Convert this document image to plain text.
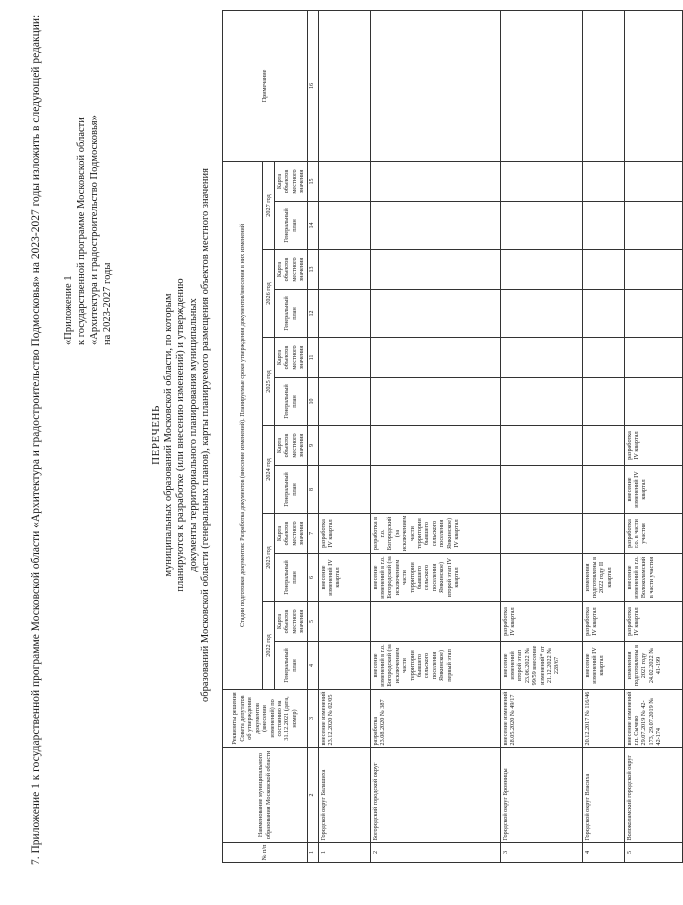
7. Приложение 1 к государственной программе Московской области «Архитектура и градостроительство Подмосковья» на 2023-2027 годы изложить в следующей редакции: «Приложение 1 к государственной программе Московской области «Архитектура и градостроительство Подмосковья» на 2023-2027 годы
ПЕРЕЧЕНЬ муниципальных образований Московской области, по которым планируются к разработке (или внесению изменений) и утверждению документы территориального планирования муниципальных образований Московской области (генеральных планов), карты планируемого размещения объектов местного значения
№ п/п	Наименование муниципального образования Московской области	Реквизиты решения Совета депутатов об утверждении документов (внесении изменений) по состоянию на 31.12.2021 (дата, номер)	Стадии подготовки документов: Разработка документов (внесение изменений). Планируемые сроки утверждения документов/внесения в них изменений												Примечание
			2022 год		2023 год		2024 год		2025 год		2026 год		2027 год		
			Генеральный план	Карта объектов местного значения	Генеральный план	Карта объектов местного значения	Генеральный план	Карта объектов местного значения	Генеральный план	Карта объектов местного значения	Генеральный план	Карта объектов местного значения	Генеральный план	Карта объектов местного значения	
1	2	3	4	5	6	7	8	9	10	11	12	13	14	15	16
1	Городской округ Балашиха	внесение изменений 23.12.2020 № 02/05			внесение изменений IV квартал	разработка IV квартал									
2	Богородский городской округ	разработка 23.08.2020 № 387	внесение изменений в г.о. Богородский (за исключением части территории бывшего сельского поселения Ямкинское) первый этап		внесение изменений в г.о. Богородский (за исключением части территории бывшего сельского поселения Ямкинское) второй этап IV квартал	разработка в г.о. Богородский (за исключением части территории бывшего сельского поселения Ямкинское) IV квартал									
3	Городской округ Бронницы	внесение изменений 28.05.2020 № 49/17	внесение изменений второй этап 23.06.2022 № 99/59 внесение изменений* от 21.12.2022 № 228/67	разработка IV квартал											
4	Городской округ Власиха	20.12.2017 № 116/46	внесение изменений IV квартал	разработка IV квартал	изменения подготовлены в 2022 году II квартал										
5	Волоколамский городской округ	внесение изменений г.п. Сычево 29.07.2019 № 42-173, 29.07.2019 № 42-174	изменения подготовлены в 2021 году 24.02.2022 № 41-199	разработка IV квартал	внесение изменений в г.о. Волоколамский в части участия	разработка г.о. в части участия	внесение изменений IV квартал	разработка IV квартал							
